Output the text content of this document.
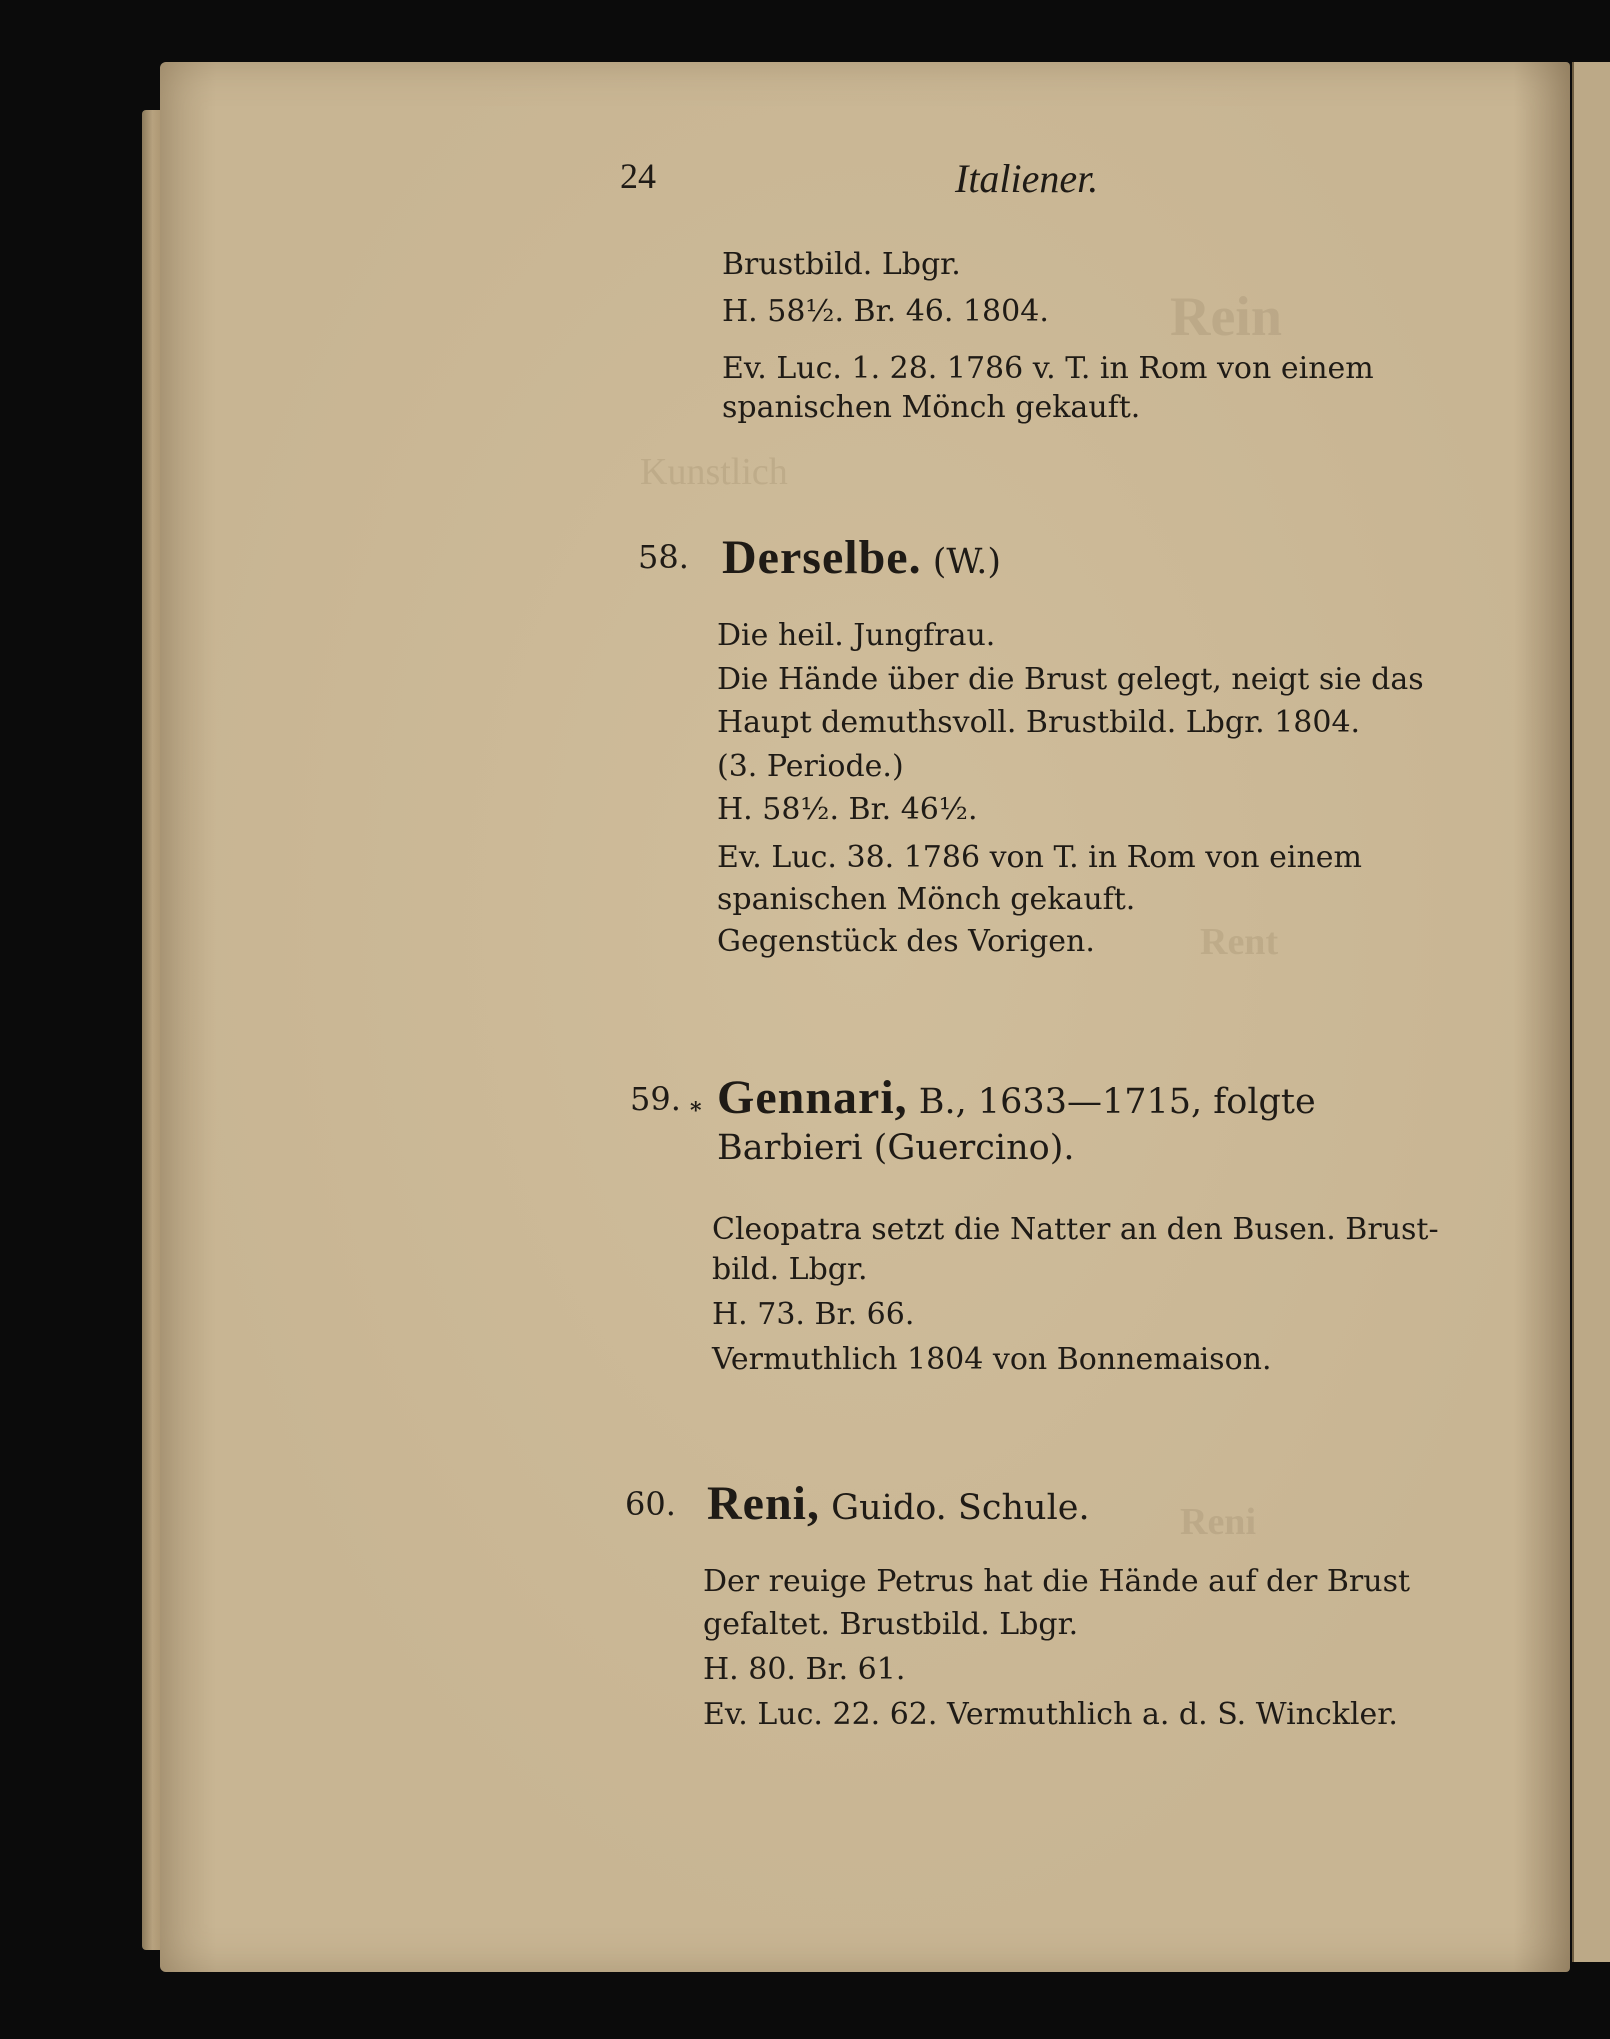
Rein
Kunstlich
Rent
Reni
24	Italiener.
Brustbild. Lbgr.
H. 58½. Br. 46. 1804.
Ev. Luc. 1. 28. 1786 v. T. in Rom von einem
spanischen Mönch gekauft.
58. Derselbe. (W.)
Die heil. Jungfrau.
Die Hände über die Brust gelegt, neigt sie das
Haupt demuthsvoll. Brustbild. Lbgr. 1804.
(3. Periode.)
H. 58½. Br. 46½.
Ev. Luc. 38. 1786 von T. in Rom von einem
spanischen Mönch gekauft.
Gegenstück des Vorigen.
59. * Gennari, B., 1633—1715, folgte
Barbieri (Guercino).
Cleopatra setzt die Natter an den Busen. Brust-
bild. Lbgr.
H. 73. Br. 66.
Vermuthlich 1804 von Bonnemaison.
60. Reni, Guido. Schule.
Der reuige Petrus hat die Hände auf der Brust
gefaltet. Brustbild. Lbgr.
H. 80. Br. 61.
Ev. Luc. 22. 62. Vermuthlich a. d. S. Winckler.
